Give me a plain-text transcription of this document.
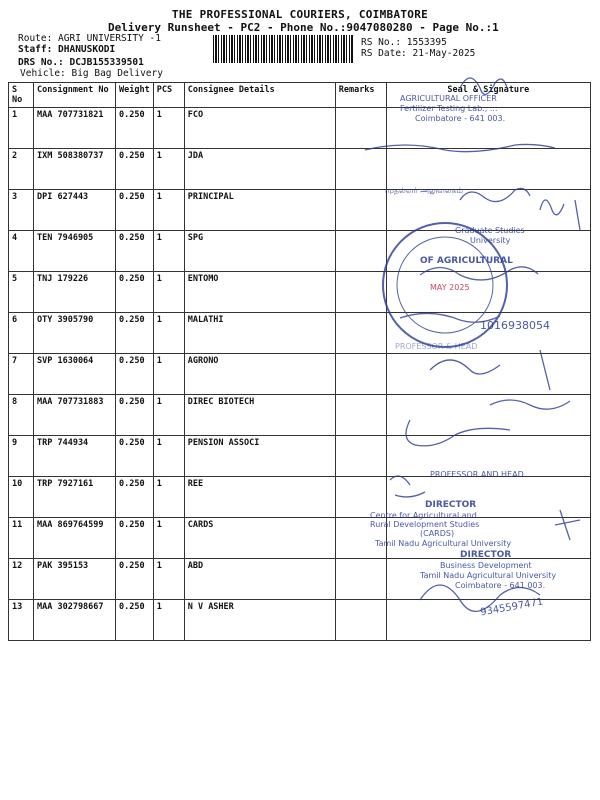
THE PROFESSIONAL COURIERS, COIMBATORE
Delivery Runsheet - PC2 - Phone No.:9047080280 - Page No.:1
Route: AGRI UNIVERSITY -1
Staff: DHANUSKODI
DRS No.: DCJB155339501
Vehicle: Big Bag Delivery
RS No.: 1553395
RS Date: 21-May-2025
S No	Consignment No	Weight	PCS	Consignee Details	Remarks	Seal & Signature
1	MAA 707731821	0.250	1	FCO		
2	IXM 508380737	0.250	1	JDA		
3	DPI 627443	0.250	1	PRINCIPAL		
4	TEN 7946905	0.250	1	SPG		
5	TNJ 179226	0.250	1	ENTOMO		
6	OTY 3905790	0.250	1	MALATHI		
7	SVP 1630064	0.250	1	AGRONO		
8	MAA 707731883	0.250	1	DIREC BIOTECH		
9	TRP 744934	0.250	1	PENSION ASSOCI		
10	TRP 7927161	0.250	1	REE		
11	MAA 869764599	0.250	1	CARDS		
12	PAK 395153	0.250	1	ABD		
13	MAA 302798667	0.250	1	N V ASHER		
AGRICULTURAL OFFICER
Fertilizer Testing Lab., ...
Coimbatore - 641 003.
முதல்வர் அலுவலகம்
Graduate Studies
University
OF AGRICULTURAL
MAY 2025
1016938054
PROFESSOR & HEAD
PROFESSOR AND HEAD
DIRECTOR
Centre for Agricultural and
Rural Development Studies
(CARDS)
Tamil Nadu Agricultural University
DIRECTOR
Business Development
Tamil Nadu Agricultural University
Coimbatore - 641 003.
9345597471
